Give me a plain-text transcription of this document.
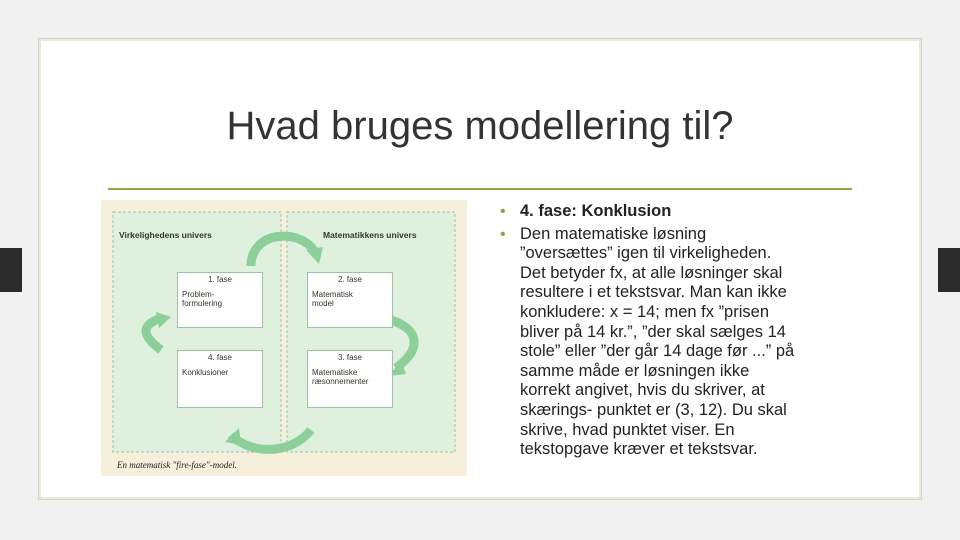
Hvad bruges modellering til?
Virkelighedens univers	Matematikkens univers
1. fase
Problem-
formulering
2. fase
Matematisk
model
3. fase
Matematiske
ræsonnementer
4. fase
Konklusioner
En matematisk "fire-fase"-model.
• 4. fase: Konklusion
• Den matematiske løsning
”oversættes” igen til virkeligheden.
Det betyder fx, at alle løsninger skal
resultere i et tekstsvar. Man kan ikke
konkludere: x = 14; men fx ”prisen
bliver på 14 kr.”, ”der skal sælges 14
stole” eller ”der går 14 dage før ...” på
samme måde er løsningen ikke
korrekt angivet, hvis du skriver, at
skærings- punktet er (3, 12). Du skal
skrive, hvad punktet viser. En
tekstopgave kræver et tekstsvar.
